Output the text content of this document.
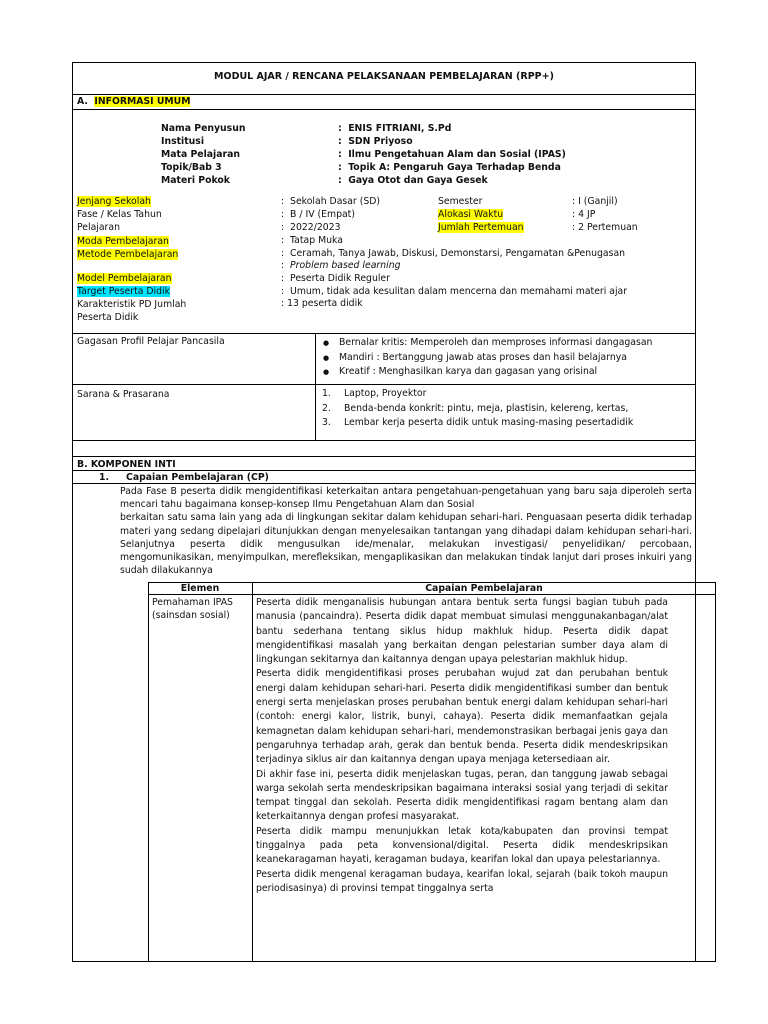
MODUL AJAR / RENCANA PELAKSANAAN PEMBELAJARAN (RPP+)
A. INFORMASI UMUM
Nama Penyusun	:  ENIS FITRIANI, S.Pd
Institusi	:  SDN Priyoso
Mata Pelajaran	:  Ilmu Pengetahuan Alam dan Sosial (IPAS)
Topik/Bab 3	:  Topik A: Pengaruh Gaya Terhadap Benda
Materi Pokok	:  Gaya Otot dan Gaya Gesek
Jenjang Sekolah	:  Sekolah Dasar (SD)	Semester	: I (Ganjil)
Fase / Kelas Tahun	:  B / IV (Empat)	Alokasi Waktu	: 4 JP
Pelajaran	:  2022/2023	Jumlah Pertemuan	: 2 Pertemuan
Moda Pembelajaran	:  Tatap Muka
Metode Pembelajaran	:  Ceramah, Tanya Jawab, Diskusi, Demonstarsi, Pengamatan &Penugasan
:  Problem based learning
Model Pembelajaran	:  Peserta Didik Reguler
Target Peserta Didik	:  Umum, tidak ada kesulitan dalam mencerna dan memahami materi ajar
Karakteristik PD Jumlah	: 13 peserta didik
Peserta Didik
Gagasan Profil Pelajar Pancasila
●	Bernalar kritis: Memperoleh dan memproses informasi dangagasan
● Mandiri : Bertanggung jawab atas proses dan hasil belajarnya
● Kreatif : Menghasilkan karya dan gagasan yang orisinal
Sarana & Prasarana	1. Laptop, Proyektor
2. Benda-benda konkrit: pintu, meja, plastisin, kelereng, kertas,
3. Lembar kerja peserta didik untuk masing-masing pesertadidik
B. KOMPONEN INTI
1. Capaian Pembelajaran (CP)

Pada Fase B peserta didik mengidentifikasi keterkaitan antara pengetahuan-pengetahuan yang baru saja diperoleh serta mencari tahu bagaimana konsep-konsep Ilmu Pengetahuan Alam dan Sosial

berkaitan satu sama lain yang ada di lingkungan sekitar dalam kehidupan sehari-hari. Penguasaan peserta didik terhadap materi yang sedang dipelajari ditunjukkan dengan menyelesaikan tantangan yang dihadapi dalam kehidupan sehari-hari. Selanjutnya peserta didik mengusulkan ide/menalar, melakukan investigasi/ penyelidikan/ percobaan, mengomunikasikan, menyimpulkan, merefleksikan, mengaplikasikan dan melakukan tindak lanjut dari proses inkuiri yang sudah dilakukannya

Elemen	Capaian Pembelajaran
Pemahaman IPAS
(sainsdan sosial)

Peserta didik menganalisis hubungan antara bentuk serta fungsi bagian tubuh pada manusia (pancaindra). Peserta didik dapat membuat simulasi menggunakanbagan/alat bantu sederhana tentang siklus hidup makhluk hidup. Peserta didik dapat mengidentifikasi masalah yang berkaitan dengan pelestarian sumber daya alam di lingkungan sekitarnya dan kaitannya dengan upaya pelestarian makhluk hidup.

Peserta didik mengidentifikasi proses perubahan wujud zat dan perubahan bentuk energi dalam kehidupan sehari-hari. Peserta didik mengidentifikasi sumber dan bentuk energi serta menjelaskan proses perubahan bentuk energi dalam kehidupan sehari-hari (contoh: energi kalor, listrik, bunyi, cahaya). Peserta didik memanfaatkan gejala kemagnetan dalam kehidupan sehari-hari, mendemonstrasikan berbagai jenis gaya dan pengaruhnya terhadap arah, gerak dan bentuk benda. Peserta didik mendeskripsikan terjadinya siklus air dan kaitannya dengan upaya menjaga ketersediaan air.

Di akhir fase ini, peserta didik menjelaskan tugas, peran, dan tanggung jawab sebagai warga sekolah serta mendeskripsikan bagaimana interaksi sosial yang terjadi di sekitar tempat tinggal dan sekolah. Peserta didik mengidentifikasi ragam bentang alam dan keterkaitannya dengan profesi masyarakat.

Peserta didik mampu menunjukkan letak kota/kabupaten dan provinsi tempat tinggalnya pada peta konvensional/digital. Peserta didik mendeskripsikan keanekaragaman hayati, keragaman budaya, kearifan lokal dan upaya pelestariannya.

Peserta didik mengenal keragaman budaya, kearifan lokal, sejarah (baik tokoh maupun periodisasinya) di provinsi tempat tinggalnya serta
